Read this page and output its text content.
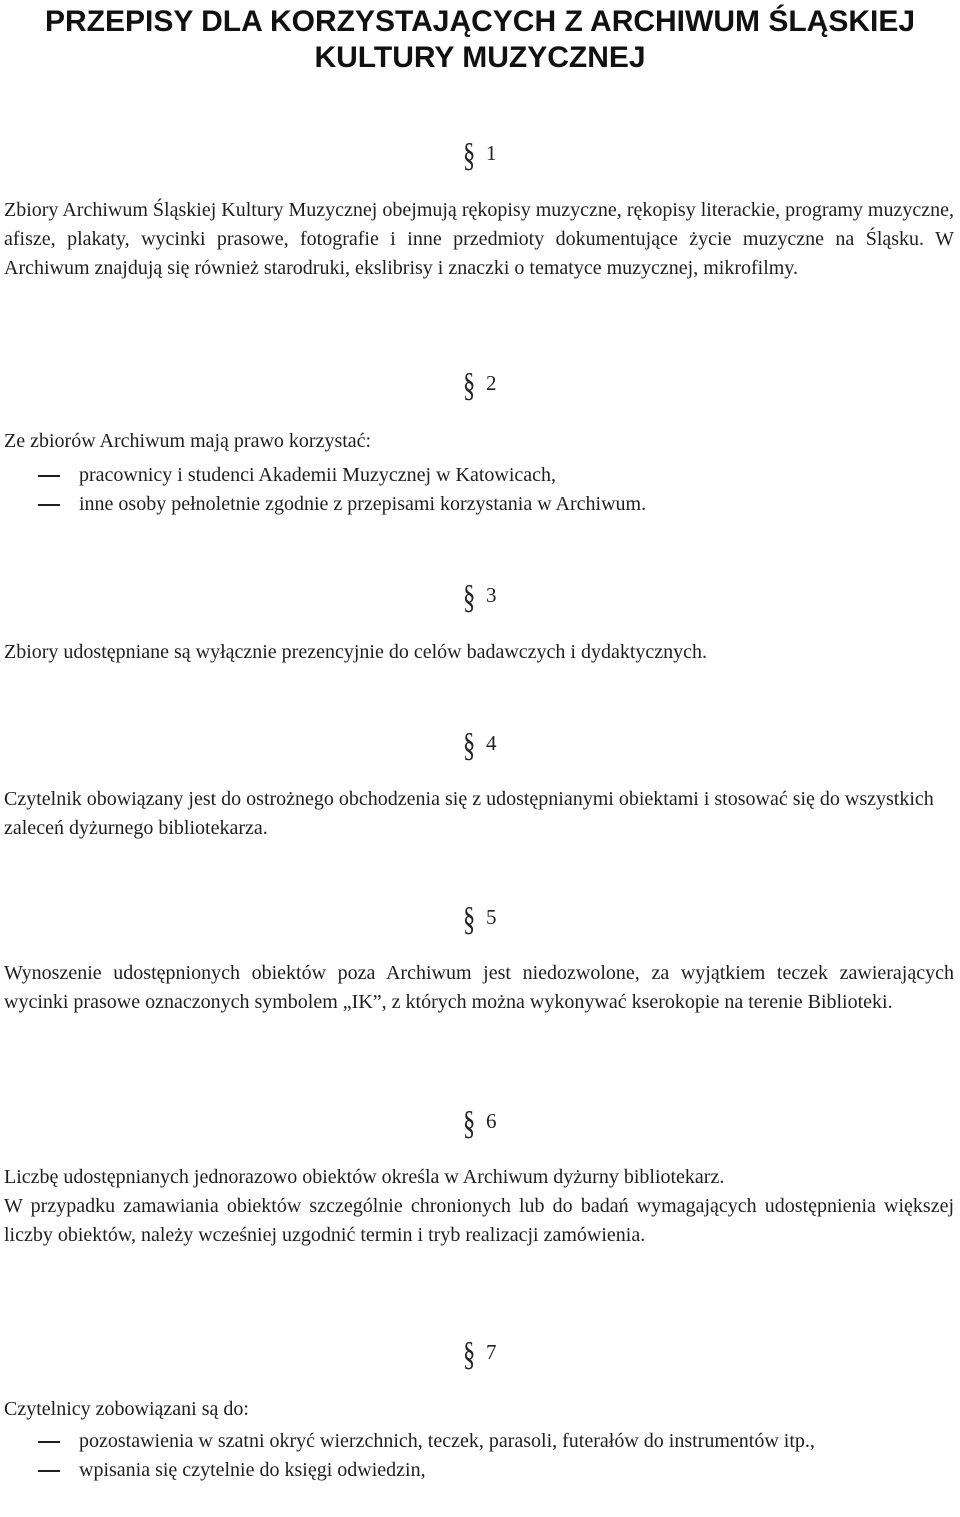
PRZEPISY DLA KORZYSTAJĄCYCH Z ARCHIWUM ŚLĄSKIEJ KULTURY MUZYCZNEJ
§ 1

Zbiory Archiwum Śląskiej Kultury Muzycznej obejmują rękopisy muzyczne, rękopisy literackie, programy muzyczne, afisze, plakaty, wycinki prasowe, fotografie i inne przedmioty dokumentujące życie muzyczne na Śląsku. W Archiwum znajdują się również starodruki, ekslibrisy i znaczki o tematyce muzycznej, mikrofilmy.

§ 2

Ze zbiorów Archiwum mają prawo korzystać:

pracownicy i studenci Akademii Muzycznej w Katowicach,
inne osoby pełnoletnie zgodnie z przepisami korzystania w Archiwum.
§ 3

Zbiory udostępniane są wyłącznie prezencyjnie do celów badawczych i dydaktycznych.

§ 4

Czytelnik obowiązany jest do ostrożnego obchodzenia się z udostępnianymi obiektami i stosować się do wszystkich zaleceń dyżurnego bibliotekarza.

§ 5

Wynoszenie udostępnionych obiektów poza Archiwum jest niedozwolone, za wyjątkiem teczek zawierających wycinki prasowe oznaczonych symbolem „IK”, z których można wykonywać kserokopie na terenie Biblioteki.

§ 6

Liczbę udostępnianych jednorazowo obiektów określa w Archiwum dyżurny bibliotekarz.

W przypadku zamawiania obiektów szczególnie chronionych lub do badań wymagających udostępnienia większej liczby obiektów, należy wcześniej uzgodnić termin i tryb realizacji zamówienia.

§ 7

Czytelnicy zobowiązani są do:

pozostawienia w szatni okryć wierzchnich, teczek, parasoli, futerałów do instrumentów itp.,
wpisania się czytelnie do księgi odwiedzin,
